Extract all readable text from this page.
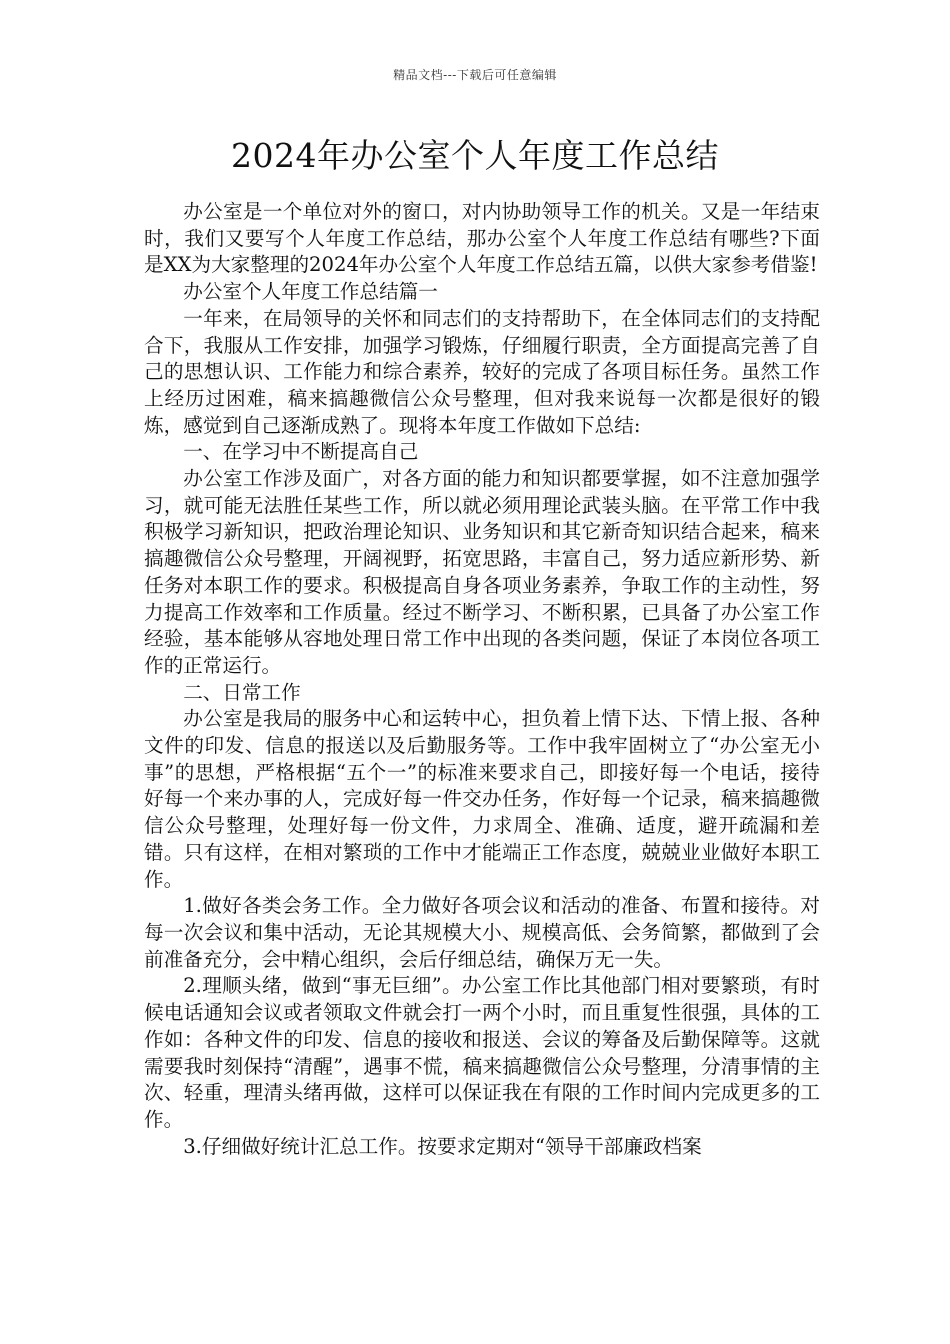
精品文档---下载后可任意编辑
2024年办公室个人年度工作总结

办公室是一个单位对外的窗口，对内协助领导工作的机关。又是一年结束时，我们又要写个人年度工作总结，那办公室个人年度工作总结有哪些?下面是XX为大家整理的2024年办公室个人年度工作总结五篇，以供大家参考借鉴!

办公室个人年度工作总结篇一

一年来，在局领导的关怀和同志们的支持帮助下，在全体同志们的支持配合下，我服从工作安排，加强学习锻炼，仔细履行职责，全方面提高完善了自己的思想认识、工作能力和综合素养，较好的完成了各项目标任务。虽然工作上经历过困难，稿来搞趣微信公众号整理，但对我来说每一次都是很好的锻炼，感觉到自己逐渐成熟了。现将本年度工作做如下总结:

一、在学习中不断提高自己

办公室工作涉及面广，对各方面的能力和知识都要掌握，如不注意加强学习，就可能无法胜任某些工作，所以就必须用理论武装头脑。在平常工作中我积极学习新知识，把政治理论知识、业务知识和其它新奇知识结合起来，稿来搞趣微信公众号整理，开阔视野，拓宽思路，丰富自己，努力适应新形势、新任务对本职工作的要求。积极提高自身各项业务素养，争取工作的主动性，努力提高工作效率和工作质量。经过不断学习、不断积累，已具备了办公室工作经验，基本能够从容地处理日常工作中出现的各类问题，保证了本岗位各项工作的正常运行。

二、日常工作

办公室是我局的服务中心和运转中心，担负着上情下达、下情上报、各种文件的印发、信息的报送以及后勤服务等。工作中我牢固树立了“办公室无小事”的思想，严格根据“五个一”的标准来要求自己，即接好每一个电话，接待好每一个来办事的人，完成好每一件交办任务，作好每一个记录，稿来搞趣微信公众号整理，处理好每一份文件，力求周全、准确、适度，避开疏漏和差错。只有这样，在相对繁琐的工作中才能端正工作态度，兢兢业业做好本职工作。

1.做好各类会务工作。全力做好各项会议和活动的准备、布置和接待。对每一次会议和集中活动，无论其规模大小、规模高低、会务简繁，都做到了会前准备充分，会中精心组织，会后仔细总结，确保万无一失。

2.理顺头绪，做到“事无巨细”。办公室工作比其他部门相对要繁琐，有时候电话通知会议或者领取文件就会打一两个小时，而且重复性很强，具体的工作如：各种文件的印发、信息的接收和报送、会议的筹备及后勤保障等。这就需要我时刻保持“清醒”，遇事不慌，稿来搞趣微信公众号整理，分清事情的主次、轻重，理清头绪再做，这样可以保证我在有限的工作时间内完成更多的工作。

3.仔细做好统计汇总工作。按要求定期对“领导干部廉政档案
